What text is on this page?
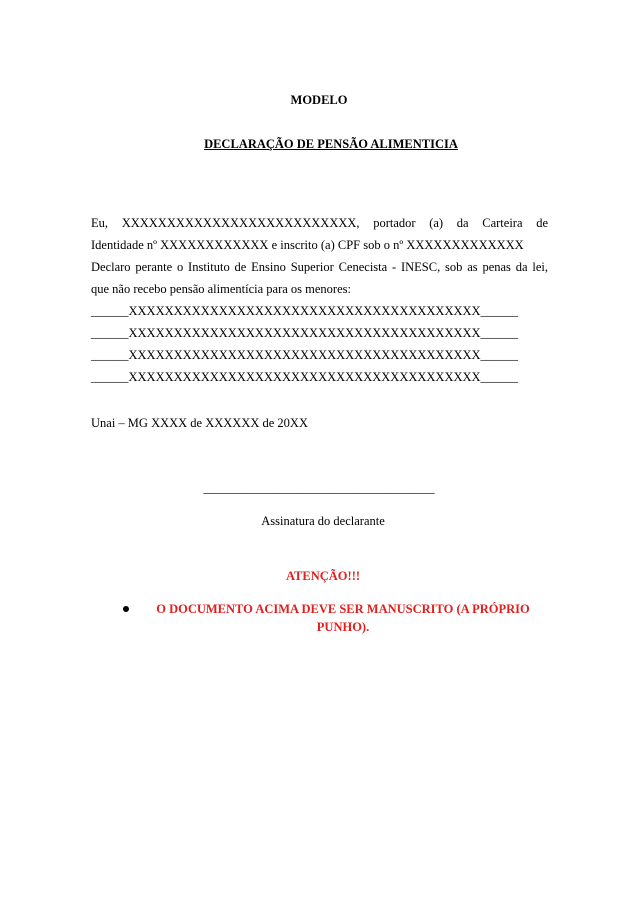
MODELO
DECLARAÇÃO DE PENSÃO ALIMENTICIA
Eu, XXXXXXXXXXXXXXXXXXXXXXXXXX, portador (a) da Carteira de
Identidade nº XXXXXXXXXXXX e inscrito (a) CPF sob o nº XXXXXXXXXXXXX
Declaro perante o Instituto de Ensino Superior Cenecista - INESC, sob as penas da lei,
que não recebo pensão alimentícia para os menores:
______XXXXXXXXXXXXXXXXXXXXXXXXXXXXXXXXXXXXXXX______
______XXXXXXXXXXXXXXXXXXXXXXXXXXXXXXXXXXXXXXX______
______XXXXXXXXXXXXXXXXXXXXXXXXXXXXXXXXXXXXXXX______
______XXXXXXXXXXXXXXXXXXXXXXXXXXXXXXXXXXXXXXX______
Unai – MG XXXX de XXXXXX de 20XX
_____________________________________
Assinatura do declarante
ATENÇÃO!!!
O DOCUMENTO ACIMA DEVE SER MANUSCRITO (A PRÓPRIO PUNHO).
